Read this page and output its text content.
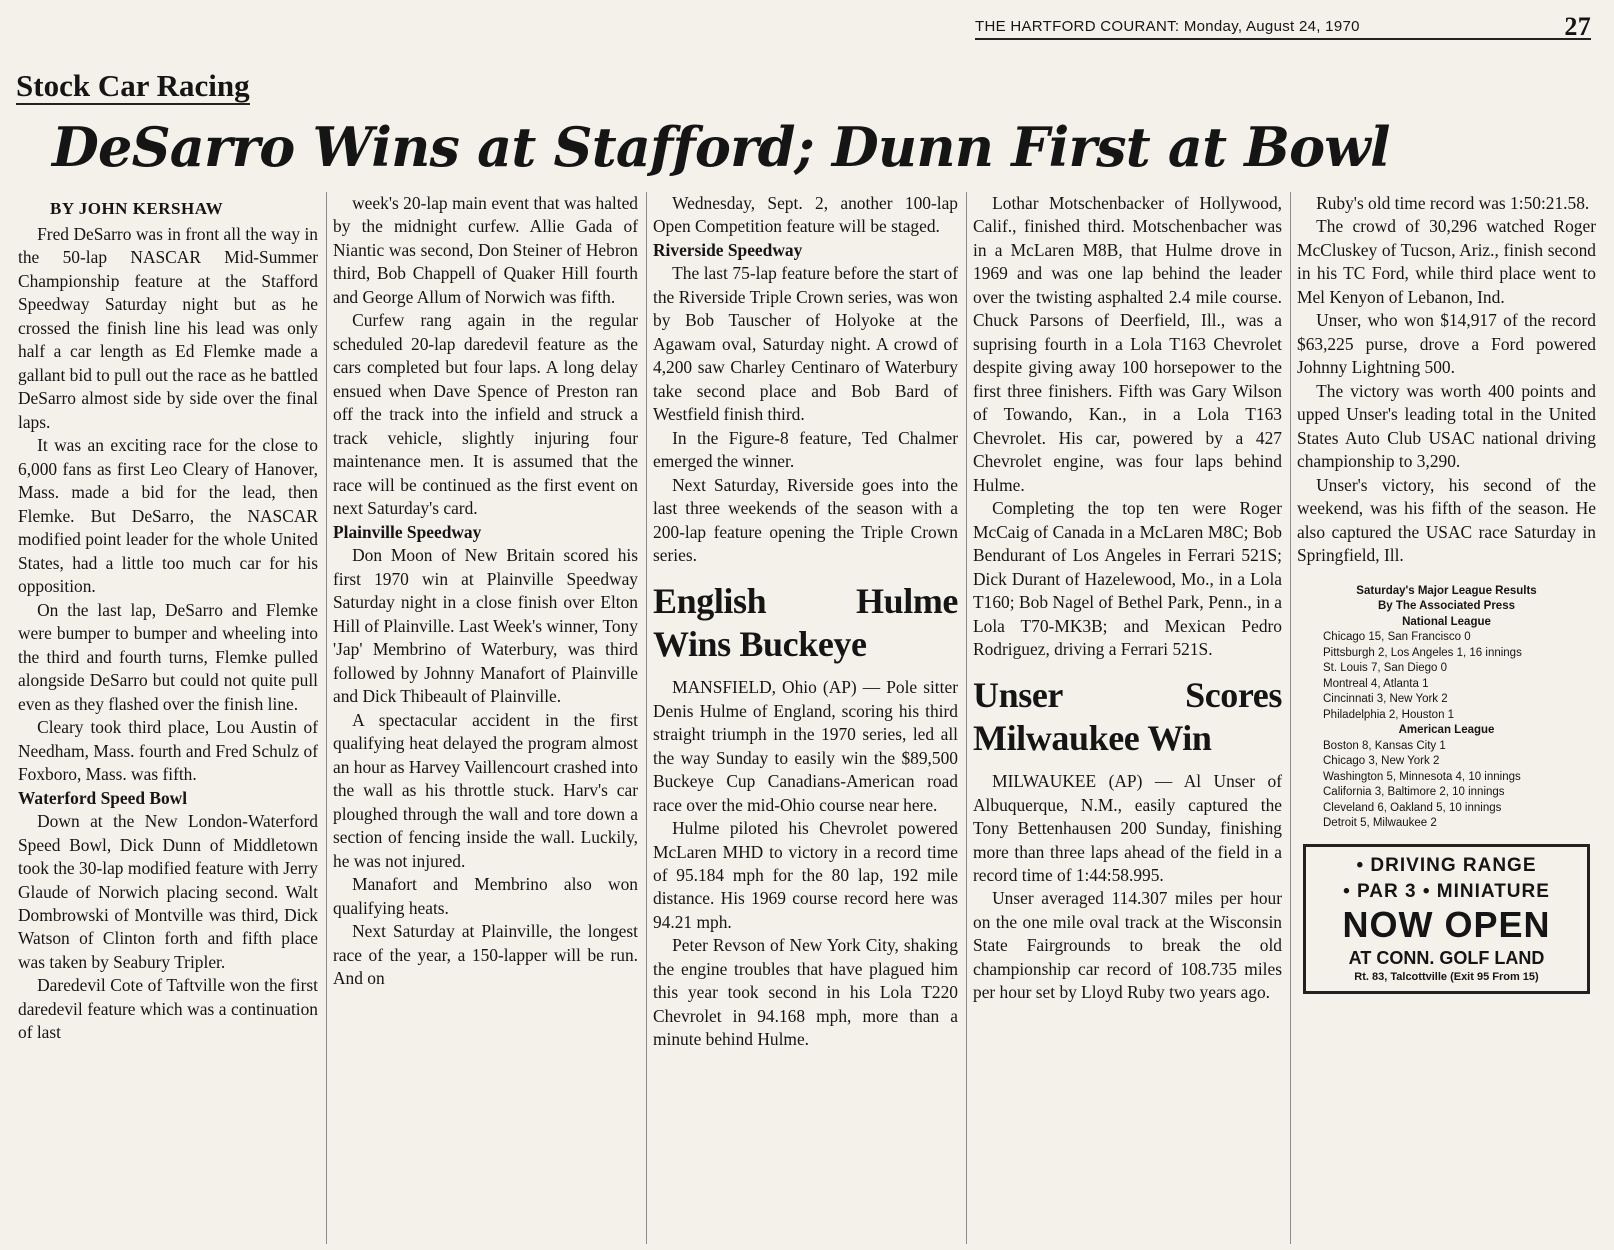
THE HARTFORD COURANT: Monday, August 24, 1970	27
Stock Car Racing
DeSarro Wins at Stafford; Dunn First at Bowl
BY JOHN KERSHAW

Fred DeSarro was in front all the way in the 50-lap NASCAR Mid-Summer Championship feature at the Stafford Speedway Saturday night but as he crossed the finish line his lead was only half a car length as Ed Flemke made a gallant bid to pull out the race as he battled DeSarro almost side by side over the final laps.

It was an exciting race for the close to 6,000 fans as first Leo Cleary of Hanover, Mass. made a bid for the lead, then Flemke. But DeSarro, the NASCAR modified point leader for the whole United States, had a little too much car for his opposition.

On the last lap, DeSarro and Flemke were bumper to bumper and wheeling into the third and fourth turns, Flemke pulled alongside DeSarro but could not quite pull even as they flashed over the finish line.

Cleary took third place, Lou Austin of Needham, Mass. fourth and Fred Schulz of Foxboro, Mass. was fifth.

Waterford Speed Bowl

Down at the New London-Waterford Speed Bowl, Dick Dunn of Middletown took the 30-lap modified feature with Jerry Glaude of Norwich placing second. Walt Dombrowski of Montville was third, Dick Watson of Clinton forth and fifth place was taken by Seabury Tripler.

Daredevil Cote of Taftville won the first daredevil feature which was a continuation of last

week's 20-lap main event that was halted by the midnight curfew. Allie Gada of Niantic was second, Don Steiner of Hebron third, Bob Chappell of Quaker Hill fourth and George Allum of Norwich was fifth.

Curfew rang again in the regular scheduled 20-lap daredevil feature as the cars completed but four laps. A long delay ensued when Dave Spence of Preston ran off the track into the infield and struck a track vehicle, slightly injuring four maintenance men. It is assumed that the race will be continued as the first event on next Saturday's card.

Plainville Speedway

Don Moon of New Britain scored his first 1970 win at Plainville Speedway Saturday night in a close finish over Elton Hill of Plainville. Last Week's winner, Tony 'Jap' Membrino of Waterbury, was third followed by Johnny Manafort of Plainville and Dick Thibeault of Plainville.

A spectacular accident in the first qualifying heat delayed the program almost an hour as Harvey Vaillencourt crashed into the wall as his throttle stuck. Harv's car ploughed through the wall and tore down a section of fencing inside the wall. Luckily, he was not injured.

Manafort and Membrino also won qualifying heats.

Next Saturday at Plainville, the longest race of the year, a 150-lapper will be run. And on

Wednesday, Sept. 2, another 100-lap Open Competition feature will be staged.

Riverside Speedway

The last 75-lap feature before the start of the Riverside Triple Crown series, was won by Bob Tauscher of Holyoke at the Agawam oval, Saturday night. A crowd of 4,200 saw Charley Centinaro of Waterbury take second place and Bob Bard of Westfield finish third.

In the Figure-8 feature, Ted Chalmer emerged the winner.

Next Saturday, Riverside goes into the last three weekends of the season with a 200-lap feature opening the Triple Crown series.

English Hulme Wins Buckeye

MANSFIELD, Ohio (AP) — Pole sitter Denis Hulme of England, scoring his third straight triumph in the 1970 series, led all the way Sunday to easily win the $89,500 Buckeye Cup Canadians-American road race over the mid-Ohio course near here.

Hulme piloted his Chevrolet powered McLaren MHD to victory in a record time of 95.184 mph for the 80 lap, 192 mile distance. His 1969 course record here was 94.21 mph.

Peter Revson of New York City, shaking the engine troubles that have plagued him this year took second in his Lola T220 Chevrolet in 94.168 mph, more than a minute behind Hulme.

Lothar Motschenbacker of Hollywood, Calif., finished third. Motschenbacher was in a McLaren M8B, that Hulme drove in 1969 and was one lap behind the leader over the twisting asphalted 2.4 mile course. Chuck Parsons of Deerfield, Ill., was a suprising fourth in a Lola T163 Chevrolet despite giving away 100 horsepower to the first three finishers. Fifth was Gary Wilson of Towando, Kan., in a Lola T163 Chevrolet. His car, powered by a 427 Chevrolet engine, was four laps behind Hulme.

Completing the top ten were Roger McCaig of Canada in a McLaren M8C; Bob Bendurant of Los Angeles in Ferrari 521S; Dick Durant of Hazelewood, Mo., in a Lola T160; Bob Nagel of Bethel Park, Penn., in a Lola T70-MK3B; and Mexican Pedro Rodriguez, driving a Ferrari 521S.

Unser Scores Milwaukee Win

MILWAUKEE (AP) — Al Unser of Albuquerque, N.M., easily captured the Tony Bettenhausen 200 Sunday, finishing more than three laps ahead of the field in a record time of 1:44:58.995.

Unser averaged 114.307 miles per hour on the one mile oval track at the Wisconsin State Fairgrounds to break the old championship car record of 108.735 miles per hour set by Lloyd Ruby two years ago.

Ruby's old time record was 1:50:21.58.

The crowd of 30,296 watched Roger McCluskey of Tucson, Ariz., finish second in his TC Ford, while third place went to Mel Kenyon of Lebanon, Ind.

Unser, who won $14,917 of the record $63,225 purse, drove a Ford powered Johnny Lightning 500.

The victory was worth 400 points and upped Unser's leading total in the United States Auto Club USAC national driving championship to 3,290.

Unser's victory, his second of the weekend, was his fifth of the season. He also captured the USAC race Saturday in Springfield, Ill.

Saturday's Major League Results
By The Associated Press
National League
Chicago 15, San Francisco 0
Pittsburgh 2, Los Angeles 1, 16 innings
St. Louis 7, San Diego 0
Montreal 4, Atlanta 1
Cincinnati 3, New York 2
Philadelphia 2, Houston 1
American League
Boston 8, Kansas City 1
Chicago 3, New York 2
Washington 5, Minnesota 4, 10 innings
California 3, Baltimore 2, 10 innings
Cleveland 6, Oakland 5, 10 innings
Detroit 5, Milwaukee 2
• DRIVING RANGE
• PAR 3 • MINIATURE
NOW OPEN
AT CONN. GOLF LAND
Rt. 83, Talcottville (Exit 95 From 15)
